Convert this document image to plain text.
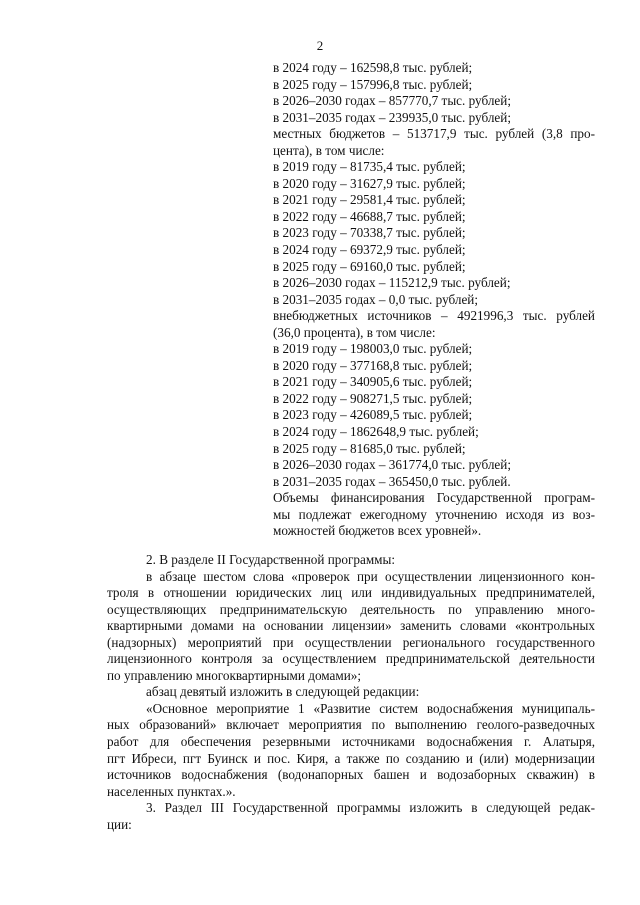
2
в 2024 году – 162598,8 тыс. рублей;
в 2025 году – 157996,8 тыс. рублей;
в 2026–2030 годах – 857770,7 тыс. рублей;
в 2031–2035 годах – 239935,0 тыс. рублей;
местных бюджетов – 513717,9 тыс. рублей (3,8 про-
цента), в том числе:
в 2019 году – 81735,4 тыс. рублей;
в 2020 году – 31627,9 тыс. рублей;
в 2021 году – 29581,4 тыс. рублей;
в 2022 году – 46688,7 тыс. рублей;
в 2023 году – 70338,7 тыс. рублей;
в 2024 году – 69372,9 тыс. рублей;
в 2025 году – 69160,0 тыс. рублей;
в 2026–2030 годах – 115212,9 тыс. рублей;
в 2031–2035 годах – 0,0 тыс. рублей;
внебюджетных источников – 4921996,3 тыс. рублей
(36,0 процента), в том числе:
в 2019 году – 198003,0 тыс. рублей;
в 2020 году – 377168,8 тыс. рублей;
в 2021 году – 340905,6 тыс. рублей;
в 2022 году – 908271,5 тыс. рублей;
в 2023 году – 426089,5 тыс. рублей;
в 2024 году – 1862648,9 тыс. рублей;
в 2025 году – 81685,0 тыс. рублей;
в 2026–2030 годах – 361774,0 тыс. рублей;
в 2031–2035 годах – 365450,0 тыс. рублей.
Объемы финансирования Государственной програм-
мы подлежат ежегодному уточнению исходя из воз-
можностей бюджетов всех уровней».
2. В разделе II Государственной программы:
в абзаце шестом слова «проверок при осуществлении лицензионного кон-
троля в отношении юридических лиц или индивидуальных предпринимателей,
осуществляющих предпринимательскую деятельность по управлению много-
квартирными домами на основании лицензии» заменить словами «контрольных
(надзорных) мероприятий при осуществлении регионального государственного
лицензионного контроля за осуществлением предпринимательской деятельности
по управлению многоквартирными домами»;
абзац девятый изложить в следующей редакции:
«Основное мероприятие 1 «Развитие систем водоснабжения муниципаль-
ных образований» включает мероприятия по выполнению геолого-разведочных
работ для обеспечения резервными источниками водоснабжения г. Алатыря,
пгт Ибреси, пгт Буинск и пос. Киря, а также по созданию и (или) модернизации
источников водоснабжения (водонапорных башен и водозаборных скважин) в
населенных пунктах.».
3. Раздел III Государственной программы изложить в следующей редак-
ции:
